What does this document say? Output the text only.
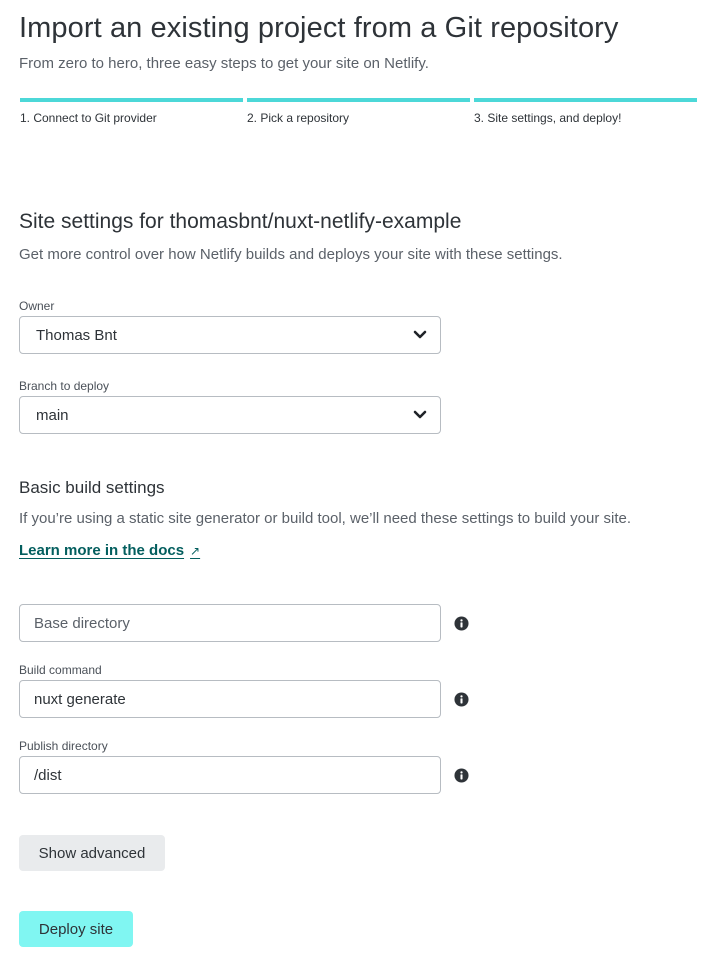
Import an existing project from a Git repository
From zero to hero, three easy steps to get your site on Netlify.
1. Connect to Git provider	2. Pick a repository	3. Site settings, and deploy!
Site settings for thomasbnt/nuxt-netlify-example
Get more control over how Netlify builds and deploys your site with these settings.
Owner
Thomas Bnt
Branch to deploy
main
Basic build settings
If you’re using a static site generator or build tool, we’ll need these settings to build your site.
Learn more in the docs ↗
Base directory
Build command
nuxt generate
Publish directory
/dist
Show advanced
Deploy site
